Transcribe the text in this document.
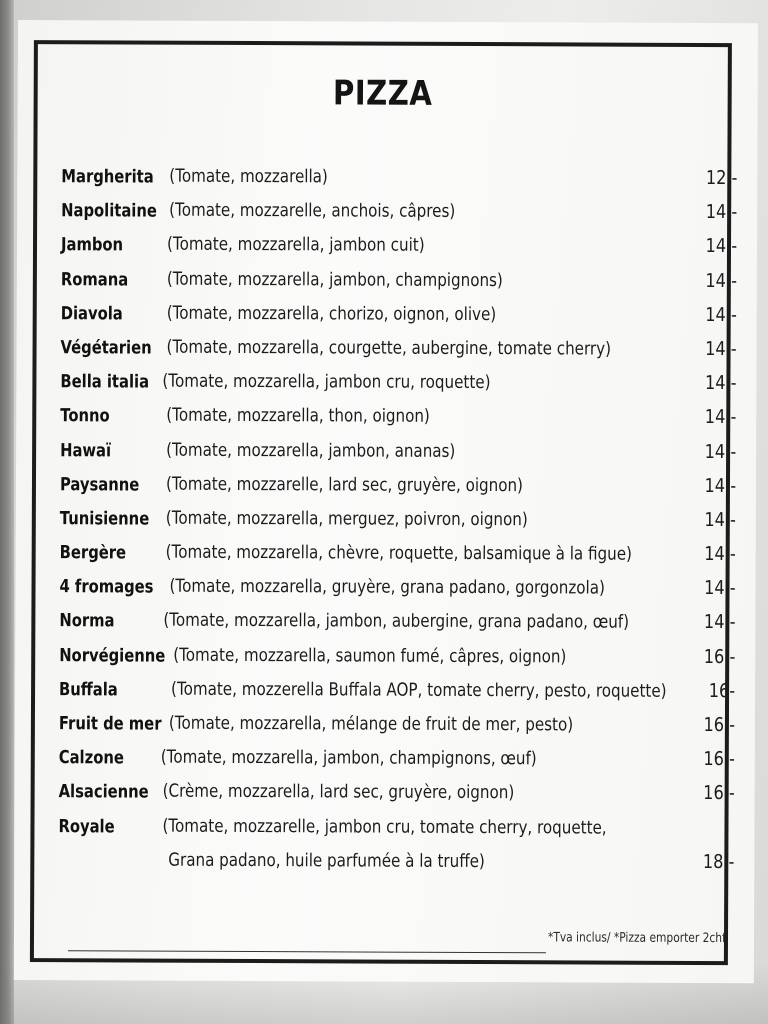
PIZZA
Margherita (Tomate, mozzarella)	12.-
Napolitaine (Tomate, mozzarelle, anchois, câpres)	14.-
Jambon (Tomate, mozzarella, jambon cuit)	14.-
Romana (Tomate, mozzarella, jambon, champignons)	14.-
Diavola (Tomate, mozzarella, chorizo, oignon, olive)	14.-
Végétarien (Tomate, mozzarella, courgette, aubergine, tomate cherry)	14.-
Bella italia (Tomate, mozzarella, jambon cru, roquette)	14.-
Tonno	(Tomate, mozzarella, thon, oignon)	14.-
Hawaï	(Tomate, mozzarella, jambon, ananas)	14.-
Paysanne (Tomate, mozzarelle, lard sec, gruyère, oignon)	14.-
Tunisienne (Tomate, mozzarella, merguez, poivron, oignon)	14.-
Bergère (Tomate, mozzarella, chèvre, roquette, balsamique à la figue)	14.-
4 fromages (Tomate, mozzarella, gruyère, grana padano, gorgonzola)	14.-
Norma	(Tomate, mozzarella, jambon, aubergine, grana padano, œuf)	14.-
Norvégienne (Tomate, mozzarella, saumon fumé, câpres, oignon)	16.-
Buffala	(Tomate, mozzerella Buffala AOP, tomate cherry, pesto, roquette) 16-
Fruit de mer (Tomate, mozzarella, mélange de fruit de mer, pesto)	16.-
Calzone (Tomate, mozzarella, jambon, champignons, œuf)	16.-
Alsacienne (Crème, mozzarella, lard sec, gruyère, oignon)	16.-
Royale	(Tomate, mozzarelle, jambon cru, tomate cherry, roquette,
Grana padano, huile parfumée à la truffe)	18.-
*Tva inclus/ *Pizza emporter 2chf
